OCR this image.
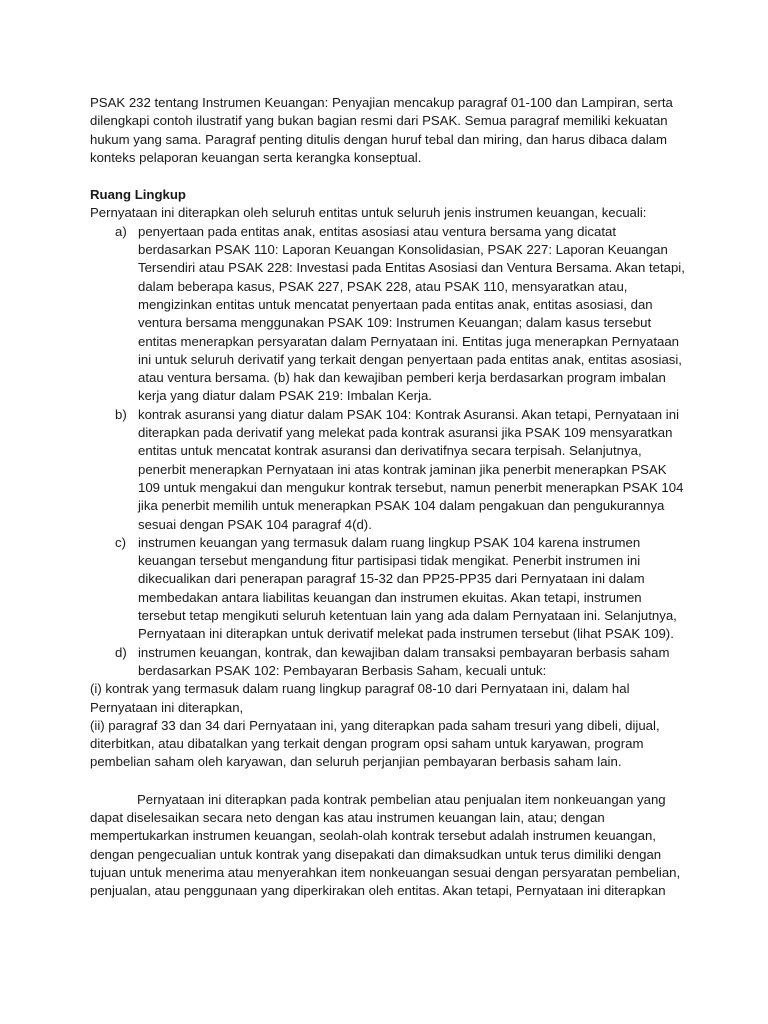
PSAK 232 tentang Instrumen Keuangan: Penyajian mencakup paragraf 01-100 dan Lampiran, serta dilengkapi contoh ilustratif yang bukan bagian resmi dari PSAK. Semua paragraf memiliki kekuatan hukum yang sama. Paragraf penting ditulis dengan huruf tebal dan miring, dan harus dibaca dalam konteks pelaporan keuangan serta kerangka konseptual.

Ruang Lingkup

Pernyataan ini diterapkan oleh seluruh entitas untuk seluruh jenis instrumen keuangan, kecuali:

a) penyertaan pada entitas anak, entitas asosiasi atau ventura bersama yang dicatat berdasarkan PSAK 110: Laporan Keuangan Konsolidasian, PSAK 227: Laporan Keuangan Tersendiri atau PSAK 228: Investasi pada Entitas Asosiasi dan Ventura Bersama. Akan tetapi, dalam beberapa kasus, PSAK 227, PSAK 228, atau PSAK 110, mensyaratkan atau, mengizinkan entitas untuk mencatat penyertaan pada entitas anak, entitas asosiasi, dan ventura bersama menggunakan PSAK 109: Instrumen Keuangan; dalam kasus tersebut entitas menerapkan persyaratan dalam Pernyataan ini. Entitas juga menerapkan Pernyataan ini untuk seluruh derivatif yang terkait dengan penyertaan pada entitas anak, entitas asosiasi, atau ventura bersama. (b) hak dan kewajiban pemberi kerja berdasarkan program imbalan kerja yang diatur dalam PSAK 219: Imbalan Kerja.
b) kontrak asuransi yang diatur dalam PSAK 104: Kontrak Asuransi. Akan tetapi, Pernyataan ini diterapkan pada derivatif yang melekat pada kontrak asuransi jika PSAK 109 mensyaratkan entitas untuk mencatat kontrak asuransi dan derivatifnya secara terpisah. Selanjutnya, penerbit menerapkan Pernyataan ini atas kontrak jaminan jika penerbit menerapkan PSAK 109 untuk mengakui dan mengukur kontrak tersebut, namun penerbit menerapkan PSAK 104 jika penerbit memilih untuk menerapkan PSAK 104 dalam pengakuan dan pengukurannya sesuai dengan PSAK 104 paragraf 4(d).
c) instrumen keuangan yang termasuk dalam ruang lingkup PSAK 104 karena instrumen keuangan tersebut mengandung fitur partisipasi tidak mengikat. Penerbit instrumen ini dikecualikan dari penerapan paragraf 15-32 dan PP25-PP35 dari Pernyataan ini dalam membedakan antara liabilitas keuangan dan instrumen ekuitas. Akan tetapi, instrumen tersebut tetap mengikuti seluruh ketentuan lain yang ada dalam Pernyataan ini. Selanjutnya, Pernyataan ini diterapkan untuk derivatif melekat pada instrumen tersebut (lihat PSAK 109).
d) instrumen keuangan, kontrak, dan kewajiban dalam transaksi pembayaran berbasis saham berdasarkan PSAK 102: Pembayaran Berbasis Saham, kecuali untuk:

(i) kontrak yang termasuk dalam ruang lingkup paragraf 08-10 dari Pernyataan ini, dalam hal Pernyataan ini diterapkan,

(ii) paragraf 33 dan 34 dari Pernyataan ini, yang diterapkan pada saham tresuri yang dibeli, dijual, diterbitkan, atau dibatalkan yang terkait dengan program opsi saham untuk karyawan, program pembelian saham oleh karyawan, dan seluruh perjanjian pembayaran berbasis saham lain.

Pernyataan ini diterapkan pada kontrak pembelian atau penjualan item nonkeuangan yang dapat diselesaikan secara neto dengan kas atau instrumen keuangan lain, atau; dengan mempertukarkan instrumen keuangan, seolah-olah kontrak tersebut adalah instrumen keuangan, dengan pengecualian untuk kontrak yang disepakati dan dimaksudkan untuk terus dimiliki dengan tujuan untuk menerima atau menyerahkan item nonkeuangan sesuai dengan persyaratan pembelian, penjualan, atau penggunaan yang diperkirakan oleh entitas. Akan tetapi, Pernyataan ini diterapkan
